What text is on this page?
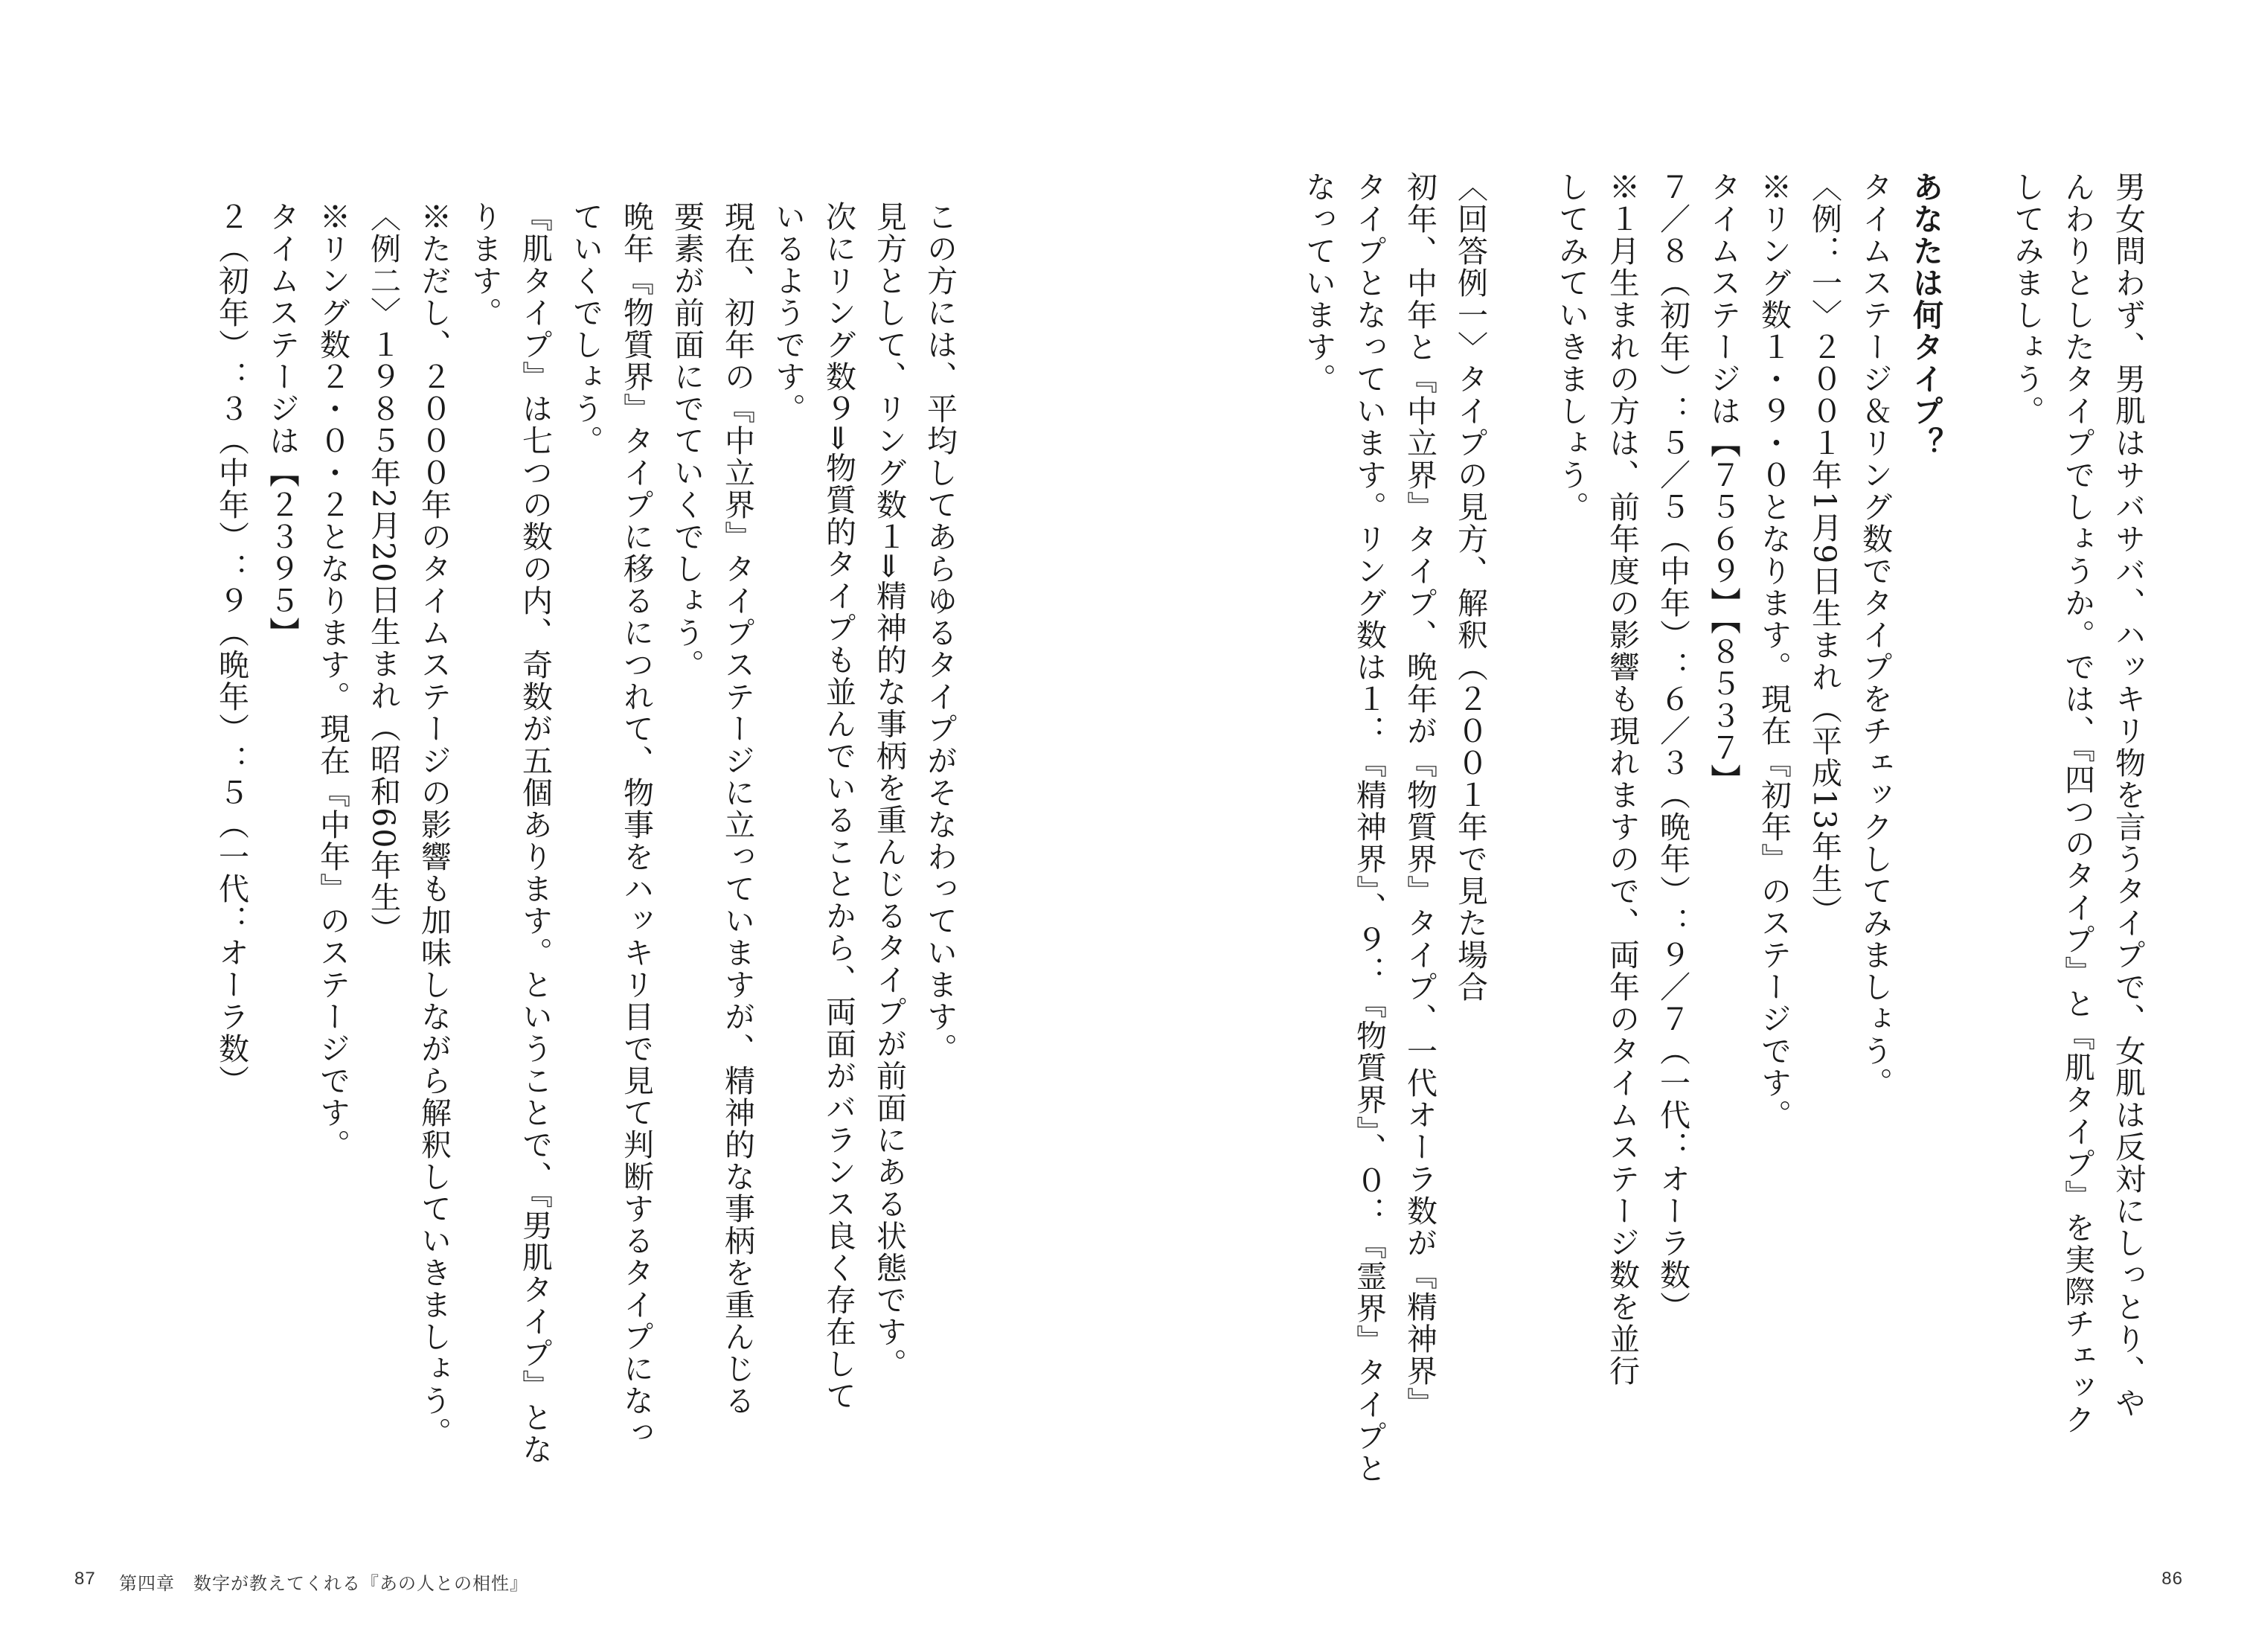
男女問わず、男肌はサバサバ、ハッキリ物を言うタイプで、女肌は反対にしっとり、や
んわりとしたタイプでしょうか。では、『四つのタイプ』と『肌タイプ』を実際チェック
してみましょう。

あなたは何タイプ？
タイムステージ＆リング数でタイプをチェックしてみましょう。
〈例：一〉２００１年1月9日生まれ（平成13年生）
※リング数１・９・０となります。現在『初年』のステージです。
タイムステージは【７５６９】【８５３７】
７／８（初年）：５／５（中年）：６／３（晩年）：９／７（一代：オーラ数）
※１月生まれの方は、前年度の影響も現れますので、両年のタイムステージ数を並行
してみていきましょう。

〈回答例一〉タイプの見方、解釈（２００１年で見た場合
初年、中年と『中立界』タイプ、晩年が『物質界』タイプ、一代オーラ数が『精神界』
タイプとなっています。リング数は１：『精神界』、９：『物質界』、０：『霊界』タイプと
なっています。
86
この方には、平均してあらゆるタイプがそなわっています。
見方として、リング数１⇒精神的な事柄を重んじるタイプが前面にある状態です。
次にリング数９⇒物質的タイプも並んでいることから、両面がバランス良く存在して
いるようです。
現在、初年の『中立界』タイプステージに立っていますが、精神的な事柄を重んじる
要素が前面にでていくでしょう。
晩年『物質界』タイプに移るにつれて、物事をハッキリ目で見て判断するタイプになっ
ていくでしょう。
『肌タイプ』は七つの数の内、奇数が五個あります。ということで、『男肌タイプ』とな
ります。
※ただし、２０００年のタイムステージの影響も加味しながら解釈していきましょう。
〈例二〉１９８５年2月20日生まれ（昭和60年生）
※リング数２・０・２となります。現在『中年』のステージです。
タイムステージは【２３９５】
２（初年）：３（中年）：９（晩年）：５（一代：オーラ数）
87 第四章　数字が教えてくれる『あの人との相性』
